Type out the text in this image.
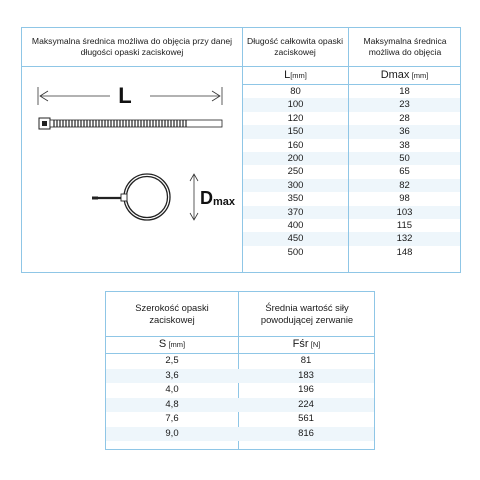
Maksymalna średnica możliwa do objęcia przy danej długości opaski zaciskowej
Długość całkowita opaski zaciskowej
Maksymalna średnica możliwa do objęcia
L[mm]	Dmax  [mm]
80	18
100	23
120	28
150	36
160	38
200	50
250	65
300	82
350	98
370	103
400	115
450	132
500	148
L
Dmax
Szerokość opaski zaciskowej
Średnia wartość siły powodującej zerwanie
S  [mm]	Fśr  [N]
2,5	81
3,6	183
4,0	196
4,8	224
7,6	561
9,0	816
